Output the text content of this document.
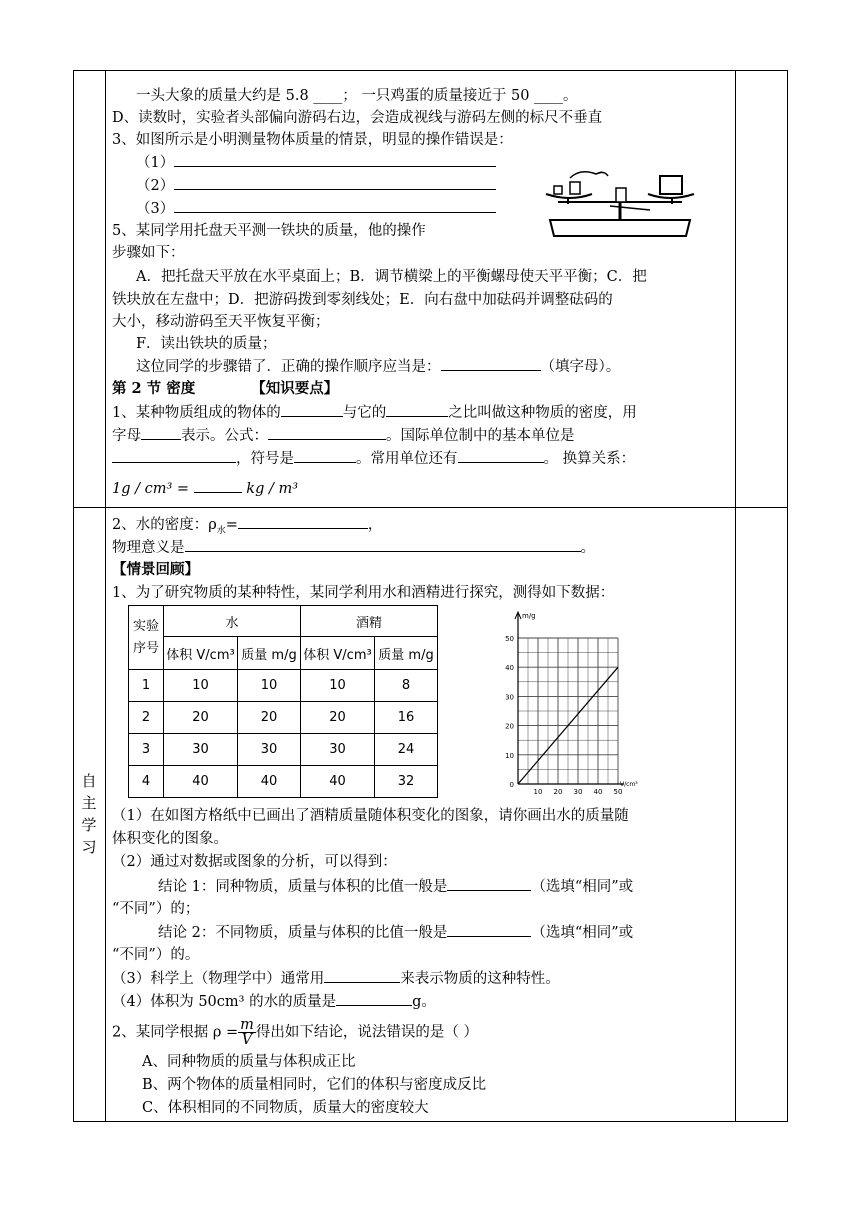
自
主
学
习
一头大象的质量大约是 5.8 ____； 一只鸡蛋的质量接近于 50 ____。
D、读数时，实验者头部偏向游码右边，会造成视线与游码左侧的标尺不垂直
3、如图所示是小明测量物体质量的情景，明显的操作错误是：
（1）
（2）
（3）
5、某同学用托盘天平测一铁块的质量，他的操作
步骤如下：
A．把托盘天平放在水平桌面上；B．调节横梁上的平衡螺母使天平平衡；C．把
铁块放在左盘中；D．把游码拨到零刻线处；E．向右盘中加砝码并调整砝码的
大小，移动游码至天平恢复平衡；
F．读出铁块的质量；
这位同学的步骤错了．正确的操作顺序应当是：	（填字母）。
第 2 节 密度	【知识要点】
1、某种物质组成的物体的	与它的	之比叫做这种物质的密度，用
字母	表示。公式：	。国际单位制中的基本单位是
，符号是	。常用单位还有	。 换算关系：
1g / cm³ =	kg / m³
2、水的密度：$\rho_水=$	，
物理意义是	。
【情景回顾】
1、为了研究物质的某种特性，某同学利用水和酒精进行探究，测得如下数据：
（1）在如图方格纸中已画出了酒精质量随体积变化的图象，请你画出水的质量随
体积变化的图象。
（2）通过对数据或图象的分析，可以得到：
结论 1：同种物质，质量与体积的比值一般是	（选填“相同”或
“不同”）的；
结论 2：不同物质，质量与体积的比值一般是	（选填“相同”或
“不同”）的。
（3）科学上（物理学中）通常用	来表示物质的这种特性。
（4）体积为 50cm³ 的水的质量是	g。
2、某同学根据 $\rho = \frac{m}{V}$ 得出如下结论，说法错误的是（ ）
A、同种物质的质量与体积成正比
B、两个物体的质量相同时，它们的体积与密度成反比
C、体积相同的不同物质，质量大的密度较大
实验序号	水		酒精	
	体积 V/cm³	质量 m/g	体积 V/cm³	质量 m/g
1	10	10	10	8
2	20	20	20	16
3	30	30	30	24
4	40	40	40	32	0
10
20
30
40
50
10 20 30 40 50
m/g
V/cm³
